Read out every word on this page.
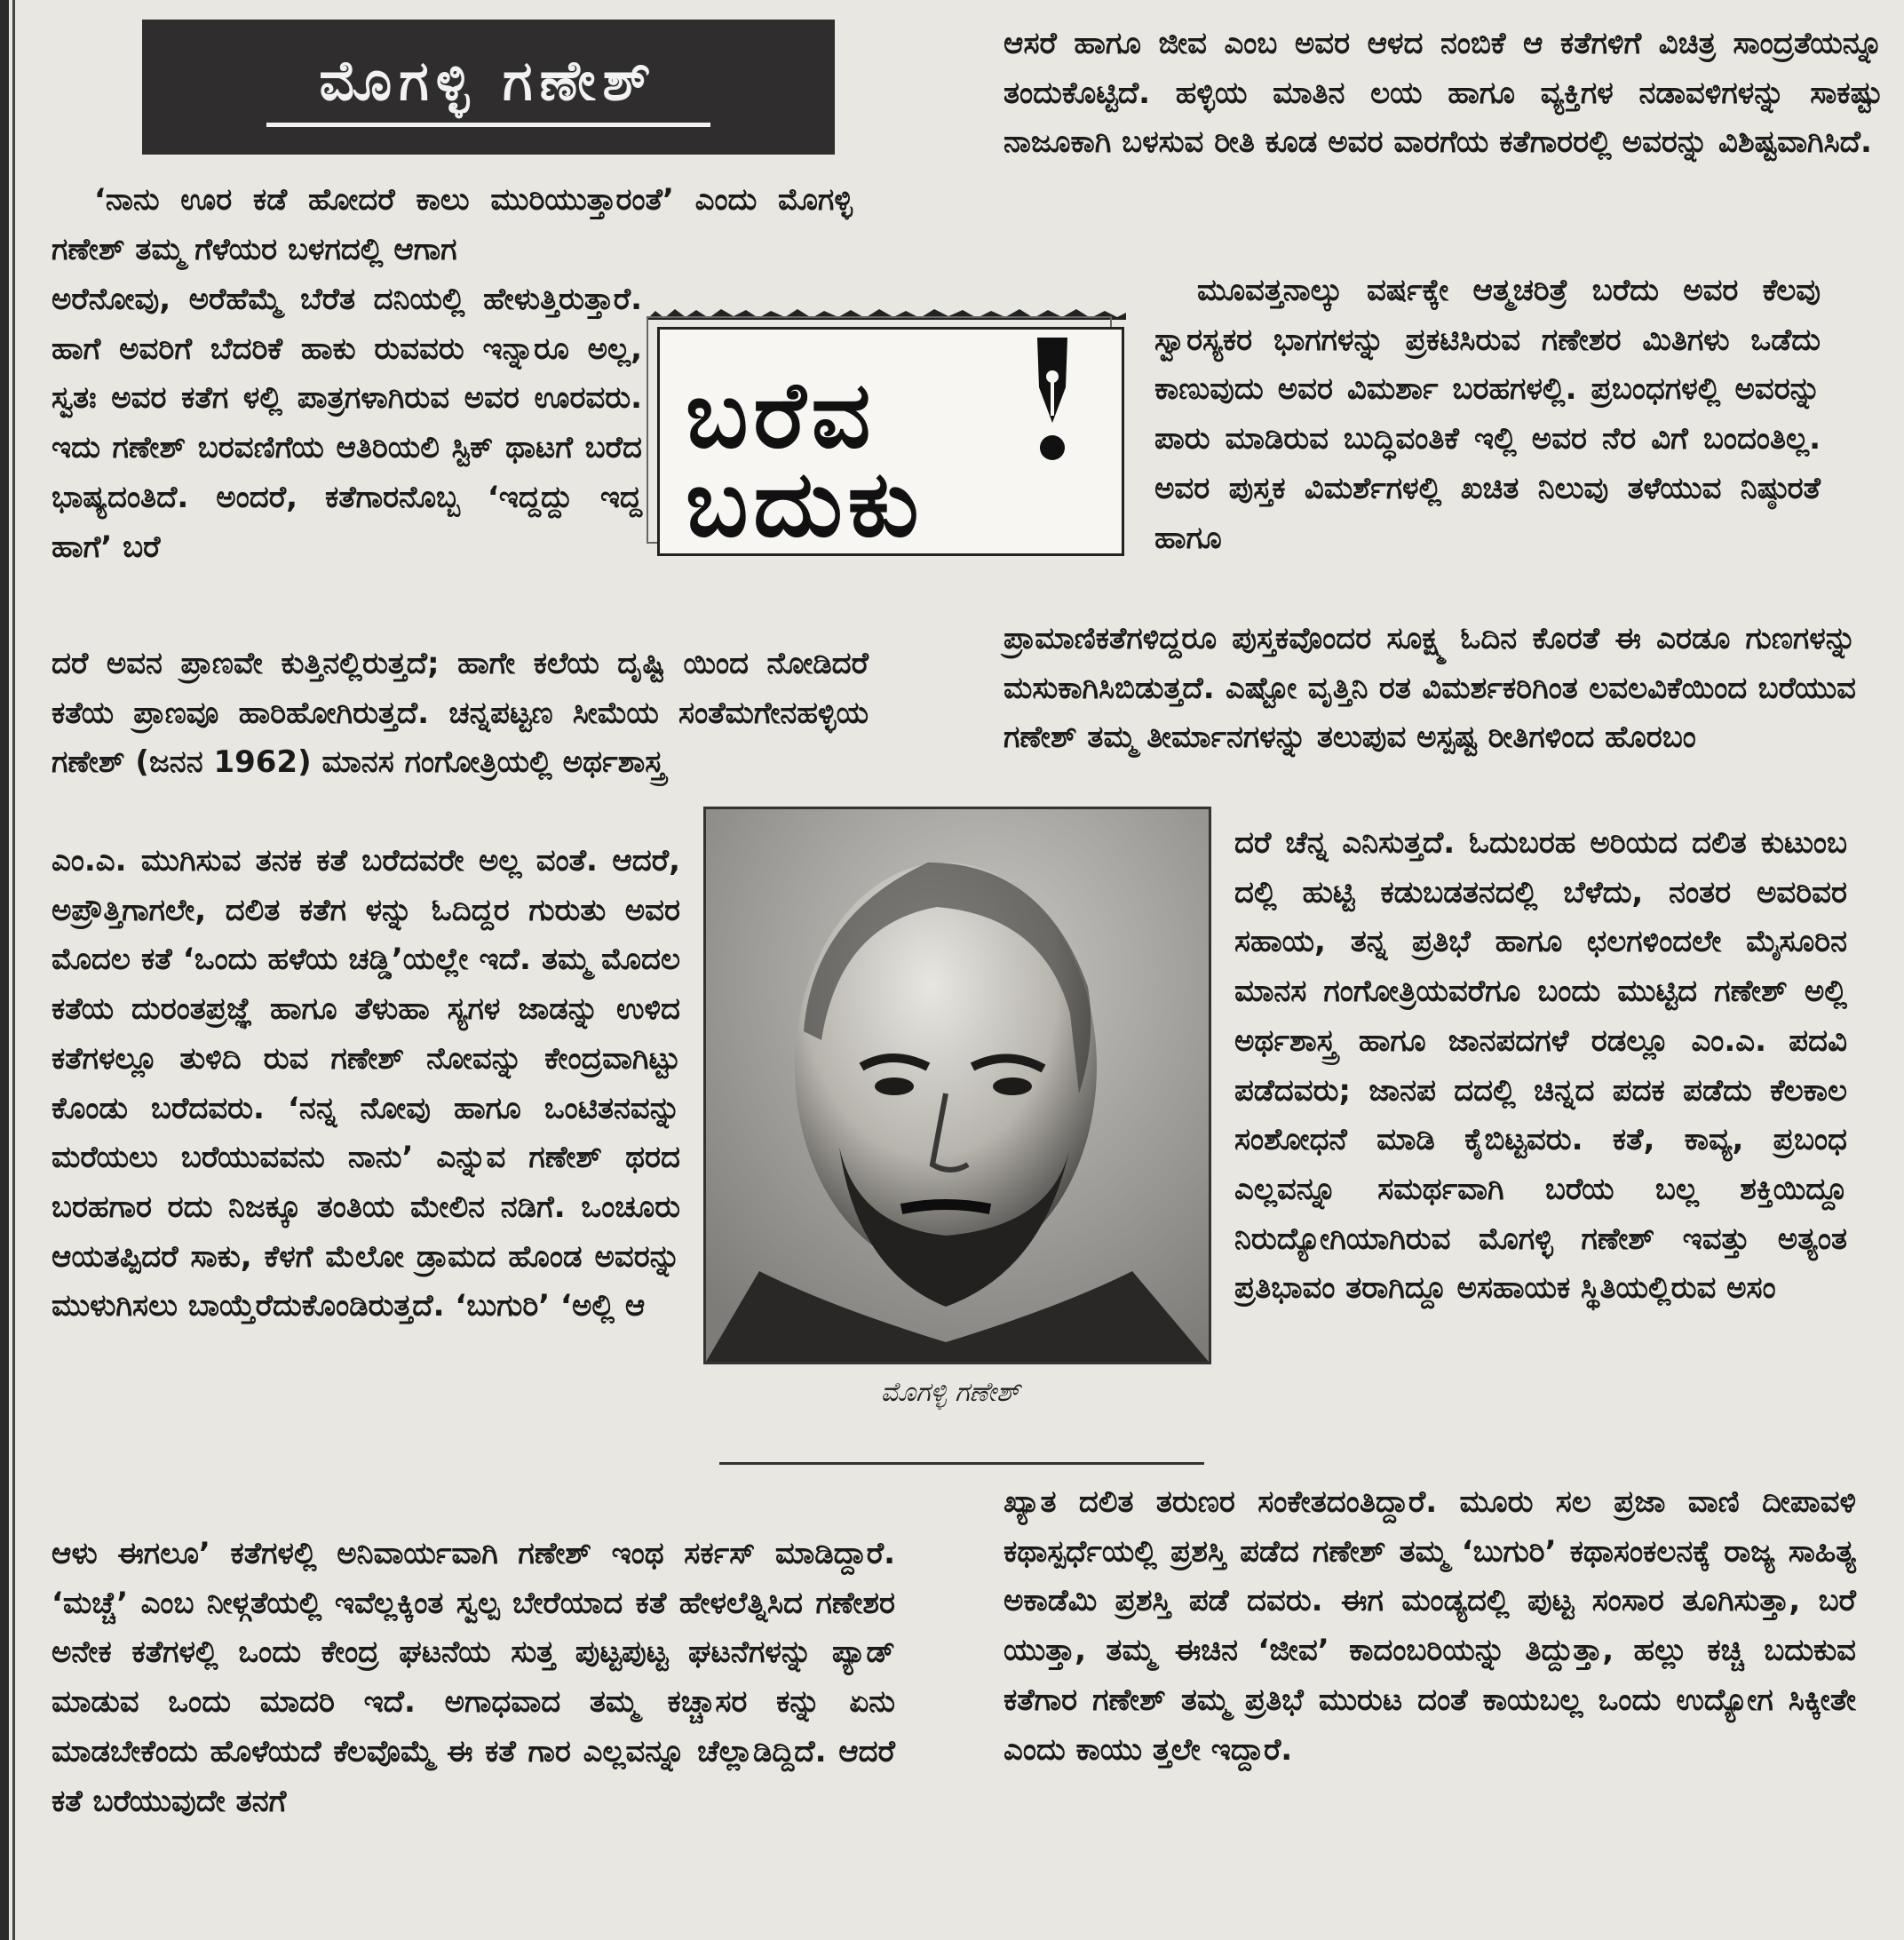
ಮೊಗಳ್ಳಿ ಗಣೇಶ್

‘ನಾನು ಊರ ಕಡೆ ಹೋದರೆ ಕಾಲು ಮುರಿಯುತ್ತಾರಂತೆ’ ಎಂದು ಮೊಗಳ್ಳಿ ಗಣೇಶ್ ತಮ್ಮ ಗೆಳೆಯರ ಬಳಗದಲ್ಲಿ ಆಗಾಗ

ಅರೆನೋವು, ಅರೆಹೆಮ್ಮೆ ಬೆರೆತ ದನಿಯಲ್ಲಿ ಹೇಳುತ್ತಿರುತ್ತಾರೆ. ಹಾಗೆ ಅವರಿಗೆ ಬೆದರಿಕೆ ಹಾಕು ರುವವರು ಇನ್ನಾರೂ ಅಲ್ಲ, ಸ್ವತಃ ಅವರ ಕತೆಗ ಳಲ್ಲಿ ಪಾತ್ರಗಳಾಗಿರುವ ಅವರ ಊರವರು. ಇದು ಗಣೇಶ್ ಬರವಣಿಗೆಯ ಆತಿರಿಯಲಿ ಸ್ಟಿಕ್ ಥಾಟಗೆ ಬರೆದ ಭಾಷ್ಯದಂತಿದೆ. ಅಂದರೆ, ಕತೆಗಾರನೊಬ್ಬ ‘ಇದ್ದದ್ದು ಇದ್ದ ಹಾಗೆ’ ಬರೆ

ದರೆ ಅವನ ಪ್ರಾಣವೇ ಕುತ್ತಿನಲ್ಲಿರುತ್ತದೆ; ಹಾಗೇ ಕಲೆಯ ದೃಷ್ಟಿ ಯಿಂದ ನೋಡಿದರೆ ಕತೆಯ ಪ್ರಾಣವೂ ಹಾರಿಹೋಗಿರುತ್ತದೆ. ಚನ್ನಪಟ್ಟಣ ಸೀಮೆಯ ಸಂತೆಮಗೇನಹಳ್ಳಿಯ ಗಣೇಶ್ (ಜನನ 1962) ಮಾನಸ ಗಂಗೋತ್ರಿಯಲ್ಲಿ ಅರ್ಥಶಾಸ್ತ್ರ

ಎಂ.ಎ. ಮುಗಿಸುವ ತನಕ ಕತೆ ಬರೆದವರೇ ಅಲ್ಲ ವಂತೆ. ಆದರೆ, ಅಪ್ರೌತ್ತಿಗಾಗಲೇ, ದಲಿತ ಕತೆಗ ಳನ್ನು ಓದಿದ್ದರ ಗುರುತು ಅವರ ಮೊದಲ ಕತೆ ‘ಒಂದು ಹಳೆಯ ಚಡ್ಡಿ’ಯಲ್ಲೇ ಇದೆ. ತಮ್ಮ ಮೊದಲ ಕತೆಯ ದುರಂತಪ್ರಜ್ಞೆ ಹಾಗೂ ತೆಳುಹಾ ಸ್ಯಗಳ ಜಾಡನ್ನು ಉಳಿದ ಕತೆಗಳಲ್ಲೂ ತುಳಿದಿ ರುವ ಗಣೇಶ್ ನೋವನ್ನು ಕೇಂದ್ರವಾಗಿಟ್ಟು ಕೊಂಡು ಬರೆದವರು. ‘ನನ್ನ ನೋವು ಹಾಗೂ ಒಂಟಿತನವನ್ನು ಮರೆಯಲು ಬರೆಯುವವನು ನಾನು’ ಎನ್ನುವ ಗಣೇಶ್ ಥರದ ಬರಹಗಾರ ರದು ನಿಜಕ್ಕೂ ತಂತಿಯ ಮೇಲಿನ ನಡಿಗೆ. ಒಂಚೂರು ಆಯತಪ್ಪಿದರೆ ಸಾಕು, ಕೆಳಗೆ ಮೆಲೋ ಡ್ರಾಮದ ಹೊಂಡ ಅವರನ್ನು ಮುಳುಗಿಸಲು ಬಾಯ್ತೆರೆದುಕೊಂಡಿರುತ್ತದೆ. ‘ಬುಗುರಿ’ ‘ಅಲ್ಲಿ ಆ

ಆಳು ಈಗಲೂ’ ಕತೆಗಳಲ್ಲಿ ಅನಿವಾರ್ಯವಾಗಿ ಗಣೇಶ್ ಇಂಥ ಸರ್ಕಸ್ ಮಾಡಿದ್ದಾರೆ. ‘ಮಚ್ಚೆ’ ಎಂಬ ನೀಳ್ಗತೆಯಲ್ಲಿ ಇವೆಲ್ಲಕ್ಕಿಂತ ಸ್ವಲ್ಪ ಬೇರೆಯಾದ ಕತೆ ಹೇಳಲೆತ್ನಿಸಿದ ಗಣೇಶರ ಅನೇಕ ಕತೆಗಳಲ್ಲಿ ಒಂದು ಕೇಂದ್ರ ಘಟನೆಯ ಸುತ್ತ ಪುಟ್ಟಪುಟ್ಟ ಘಟನೆಗಳನ್ನು ಪ್ಯಾಡ್ ಮಾಡುವ ಒಂದು ಮಾದರಿ ಇದೆ. ಅಗಾಧವಾದ ತಮ್ಮ ಕಚ್ಚಾಸರ ಕನ್ನು ಏನು ಮಾಡಬೇಕೆಂದು ಹೊಳೆಯದೆ ಕೆಲವೊಮ್ಮೆ ಈ ಕತೆ ಗಾರ ಎಲ್ಲವನ್ನೂ ಚೆಲ್ಲಾಡಿದ್ದಿದೆ. ಆದರೆ ಕತೆ ಬರೆಯುವುದೇ ತನಗೆ

ಬರೆವ
ಬದುಕು

ಆಸರೆ ಹಾಗೂ ಜೀವ ಎಂಬ ಅವರ ಆಳದ ನಂಬಿಕೆ ಆ ಕತೆಗಳಿಗೆ ವಿಚಿತ್ರ ಸಾಂದ್ರತೆಯನ್ನೂ ತಂದುಕೊಟ್ಟಿದೆ. ಹಳ್ಳಿಯ ಮಾತಿನ ಲಯ ಹಾಗೂ ವ್ಯಕ್ತಿಗಳ ನಡಾವಳಿಗಳನ್ನು ಸಾಕಷ್ಟು ನಾಜೂಕಾಗಿ ಬಳಸುವ ರೀತಿ ಕೂಡ ಅವರ ವಾರಗೆಯ ಕತೆಗಾರರಲ್ಲಿ ಅವರನ್ನು ವಿಶಿಷ್ಟವಾಗಿಸಿದೆ.

ಮೂವತ್ತನಾಲ್ಕು ವರ್ಷಕ್ಕೇ ಆತ್ಮಚರಿತ್ರೆ ಬರೆದು ಅವರ ಕೆಲವು ಸ್ವಾರಸ್ಯಕರ ಭಾಗಗಳನ್ನು ಪ್ರಕಟಿಸಿರುವ ಗಣೇಶರ ಮಿತಿಗಳು ಒಡೆದು ಕಾಣುವುದು ಅವರ ವಿಮರ್ಶಾ ಬರಹಗಳಲ್ಲಿ. ಪ್ರಬಂಧಗಳಲ್ಲಿ ಅವರನ್ನು ಪಾರು ಮಾಡಿರುವ ಬುದ್ಧಿವಂತಿಕೆ ಇಲ್ಲಿ ಅವರ ನೆರ ವಿಗೆ ಬಂದಂತಿಲ್ಲ. ಅವರ ಪುಸ್ತಕ ವಿಮರ್ಶೆಗಳಲ್ಲಿ ಖಚಿತ ನಿಲುವು ತಳೆಯುವ ನಿಷ್ಠುರತೆ ಹಾಗೂ

ಪ್ರಾಮಾಣಿಕತೆಗಳಿದ್ದರೂ ಪುಸ್ತಕವೊಂದರ ಸೂಕ್ಷ್ಮ ಓದಿನ ಕೊರತೆ ಈ ಎರಡೂ ಗುಣಗಳನ್ನು ಮಸುಕಾಗಿಸಿಬಿಡುತ್ತದೆ. ಎಷ್ಟೋ ವೃತ್ತಿನಿ ರತ ವಿಮರ್ಶಕರಿಗಿಂತ ಲವಲವಿಕೆಯಿಂದ ಬರೆಯುವ ಗಣೇಶ್ ತಮ್ಮ ತೀರ್ಮಾನಗಳನ್ನು ತಲುಪುವ ಅಸ್ಪಷ್ಟ ರೀತಿಗಳಿಂದ ಹೊರಬಂ

ದರೆ ಚೆನ್ನ ಎನಿಸುತ್ತದೆ. ಓದುಬರಹ ಅರಿಯದ ದಲಿತ ಕುಟುಂಬ ದಲ್ಲಿ ಹುಟ್ಟಿ ಕಡುಬಡತನದಲ್ಲಿ ಬೆಳೆದು, ನಂತರ ಅವರಿವರ ಸಹಾಯ, ತನ್ನ ಪ್ರತಿಭೆ ಹಾಗೂ ಛಲಗಳಿಂದಲೇ ಮೈಸೂರಿನ ಮಾನಸ ಗಂಗೋತ್ರಿಯವರೆಗೂ ಬಂದು ಮುಟ್ಟಿದ ಗಣೇಶ್ ಅಲ್ಲಿ ಅರ್ಥಶಾಸ್ತ್ರ ಹಾಗೂ ಜಾನಪದಗಳೆ ರಡಲ್ಲೂ ಎಂ.ಎ. ಪದವಿ ಪಡೆದವರು; ಜಾನಪ ದದಲ್ಲಿ ಚಿನ್ನದ ಪದಕ ಪಡೆದು ಕೆಲಕಾಲ ಸಂಶೋಧನೆ ಮಾಡಿ ಕೈಬಿಟ್ಟವರು. ಕತೆ, ಕಾವ್ಯ, ಪ್ರಬಂಧ ಎಲ್ಲವನ್ನೂ ಸಮರ್ಥವಾಗಿ ಬರೆಯ ಬಲ್ಲ ಶಕ್ತಿಯಿದ್ದೂ ನಿರುದ್ಯೋಗಿಯಾಗಿರುವ ಮೊಗಳ್ಳಿ ಗಣೇಶ್ ಇವತ್ತು ಅತ್ಯಂತ ಪ್ರತಿಭಾವಂ ತರಾಗಿದ್ದೂ ಅಸಹಾಯಕ ಸ್ಥಿತಿಯಲ್ಲಿರುವ ಅಸಂ

ಖ್ಯಾತ ದಲಿತ ತರುಣರ ಸಂಕೇತದಂತಿದ್ದಾರೆ. ಮೂರು ಸಲ ಪ್ರಜಾ ವಾಣಿ ದೀಪಾವಳಿ ಕಥಾಸ್ಪರ್ಧೆಯಲ್ಲಿ ಪ್ರಶಸ್ತಿ ಪಡೆದ ಗಣೇಶ್ ತಮ್ಮ ‘ಬುಗುರಿ’ ಕಥಾಸಂಕಲನಕ್ಕೆ ರಾಜ್ಯ ಸಾಹಿತ್ಯ ಅಕಾಡೆಮಿ ಪ್ರಶಸ್ತಿ ಪಡೆ ದವರು. ಈಗ ಮಂಡ್ಯದಲ್ಲಿ ಪುಟ್ಟ ಸಂಸಾರ ತೂಗಿಸುತ್ತಾ, ಬರೆ ಯುತ್ತಾ, ತಮ್ಮ ಈಚಿನ ‘ಜೀವ’ ಕಾದಂಬರಿಯನ್ನು ತಿದ್ದುತ್ತಾ, ಹಲ್ಲು ಕಚ್ಚಿ ಬದುಕುವ ಕತೆಗಾರ ಗಣೇಶ್ ತಮ್ಮ ಪ್ರತಿಭೆ ಮುರುಟ ದಂತೆ ಕಾಯಬಲ್ಲ ಒಂದು ಉದ್ಯೋಗ ಸಿಕ್ಕೀತೇ ಎಂದು ಕಾಯು ತ್ತಲೇ ಇದ್ದಾರೆ.

ಮೊಗಳ್ಳಿ ಗಣೇಶ್
